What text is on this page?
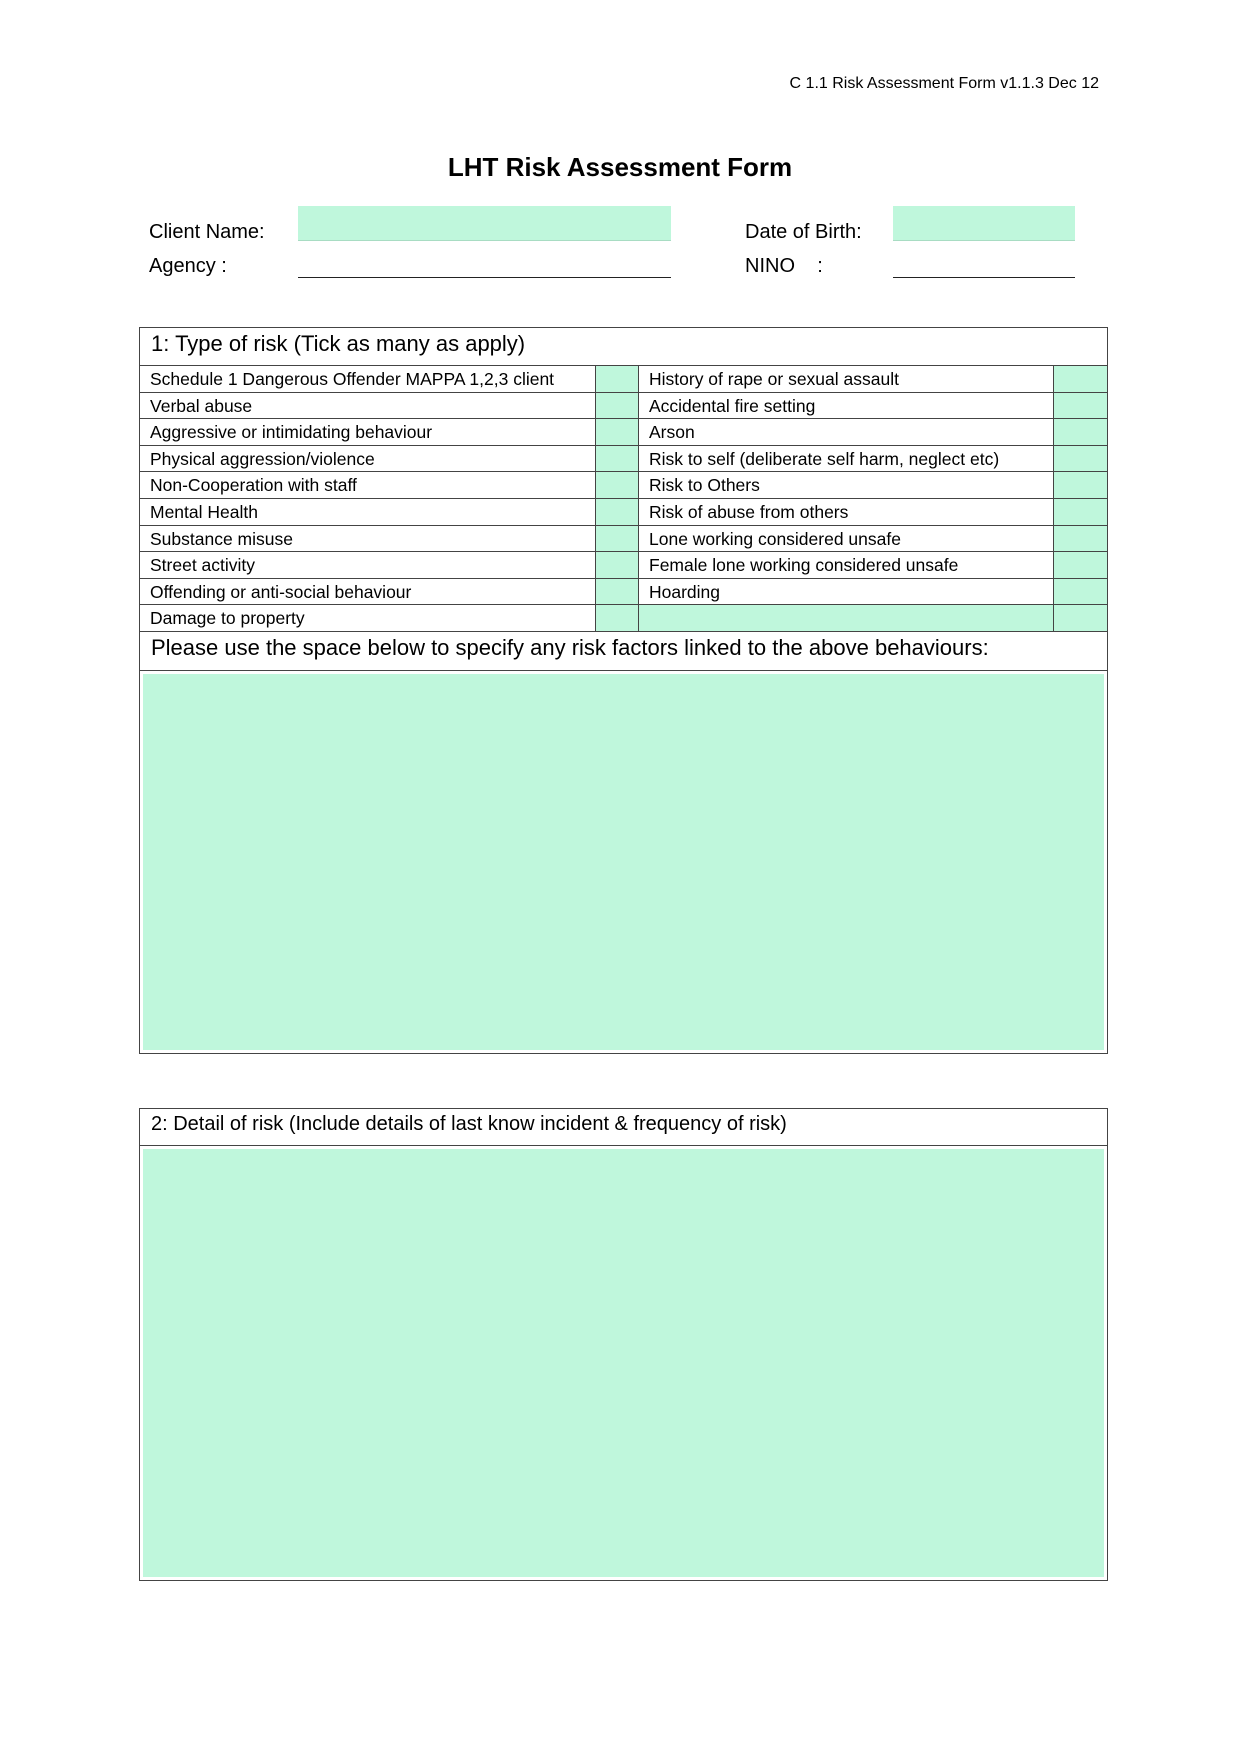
C 1.1 Risk Assessment Form v1.1.3 Dec 12
LHT Risk Assessment Form
Client Name:
Agency :
Date of Birth:
NINO    :
1: Type of risk (Tick as many as apply)
Schedule 1 Dangerous Offender MAPPA 1,2,3 client	History of rape or sexual assault
Verbal abuse	Accidental fire setting
Aggressive or intimidating behaviour	Arson
Physical aggression/violence	Risk to self (deliberate self harm, neglect etc)
Non-Cooperation with staff	Risk to Others
Mental Health	Risk of abuse from others
Substance misuse	Lone working considered unsafe
Street activity	Female lone working considered unsafe
Offending or anti-social behaviour	Hoarding
Damage to property
Please use the space below to specify any risk factors linked to the above behaviours:
2: Detail of risk (Include details of last know incident & frequency of risk)
